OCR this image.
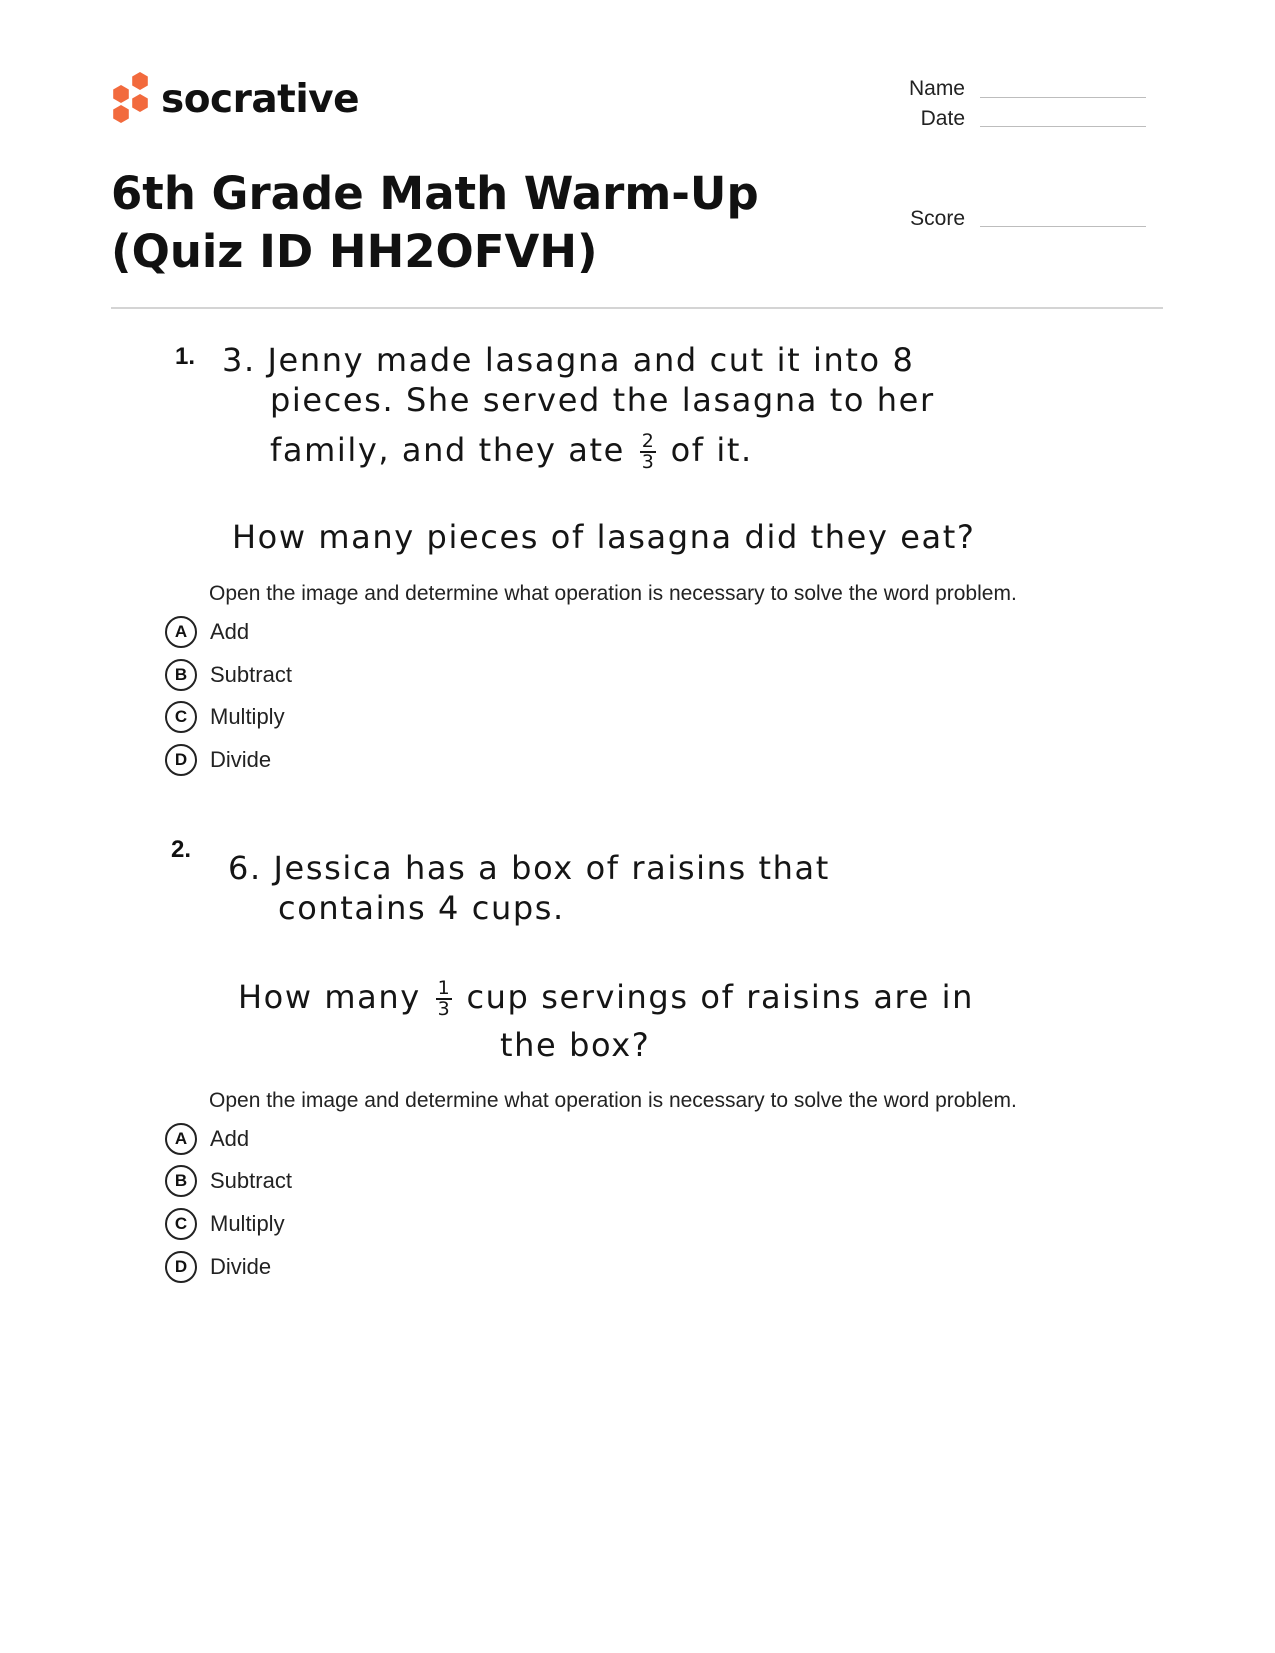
socrative	Name
Date
Score
6th Grade Math Warm-Up (Quiz ID HH2OFVH)
1. 3. Jenny made lasagna and cut it into 8
pieces. She served the lasagna to her
family, and they ate $\frac{2}{3}$ of it.
How many pieces of lasagna did they eat?
Open the image and determine what operation is necessary to solve the word problem.
A	Add
B	Subtract
C	Multiply
D	Divide
2. 6. Jessica has a box of raisins that
contains 4 cups.
How many $\frac{1}{3}$ cup servings of raisins are in
the box?
Open the image and determine what operation is necessary to solve the word problem.
A	Add
B	Subtract
C	Multiply
D	Divide
